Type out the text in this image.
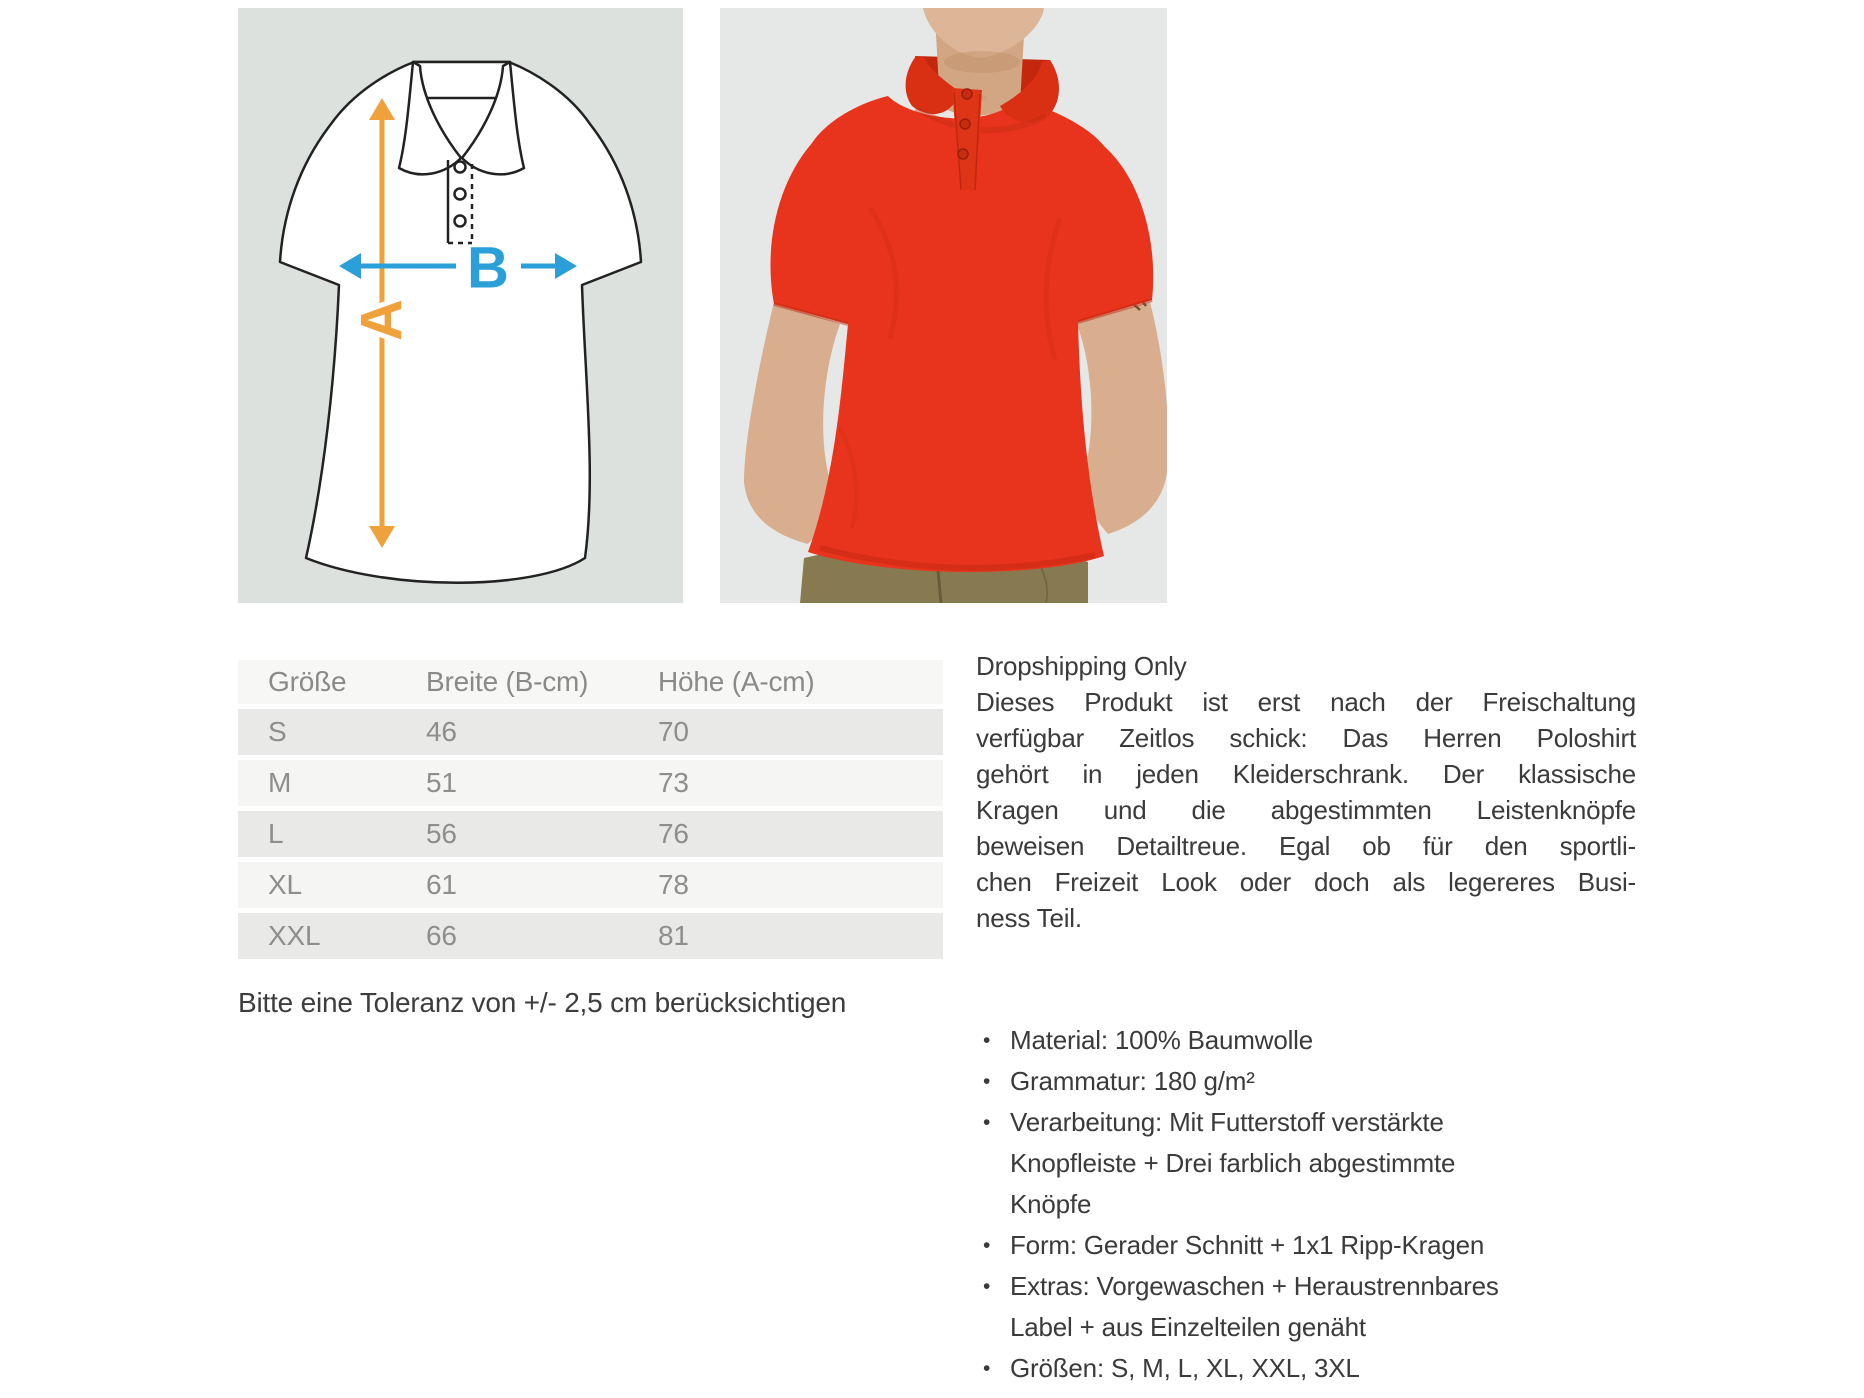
A
B
Größe	Breite (B-cm)	Höhe (A-cm)
S	46	70
M	51	73
L	56	76
XL	61	78
XXL	66	81
Bitte eine Toleranz von +/- 2,5 cm berücksichtigen
Dropshipping Only
Dieses Produkt ist erst nach der Freischaltung
verfügbar Zeitlos schick: Das Herren Poloshirt
gehört in jeden Kleiderschrank. Der klassische
Kragen und die abgestimmten Leistenknöpfe
beweisen Detailtreue. Egal ob für den sportli-
chen Freizeit Look oder doch als legereres Busi-
ness Teil.
• Material: 100% Baumwolle
• Grammatur: 180 g/m²
• Verarbeitung: Mit Futterstoff verstärkte
Knopfleiste + Drei farblich abgestimmte
Knöpfe
• Form: Gerader Schnitt + 1x1 Ripp-Kragen
• Extras: Vorgewaschen + Heraustrennbares
Label + aus Einzelteilen genäht
• Größen: S, M, L, XL, XXL, 3XL
